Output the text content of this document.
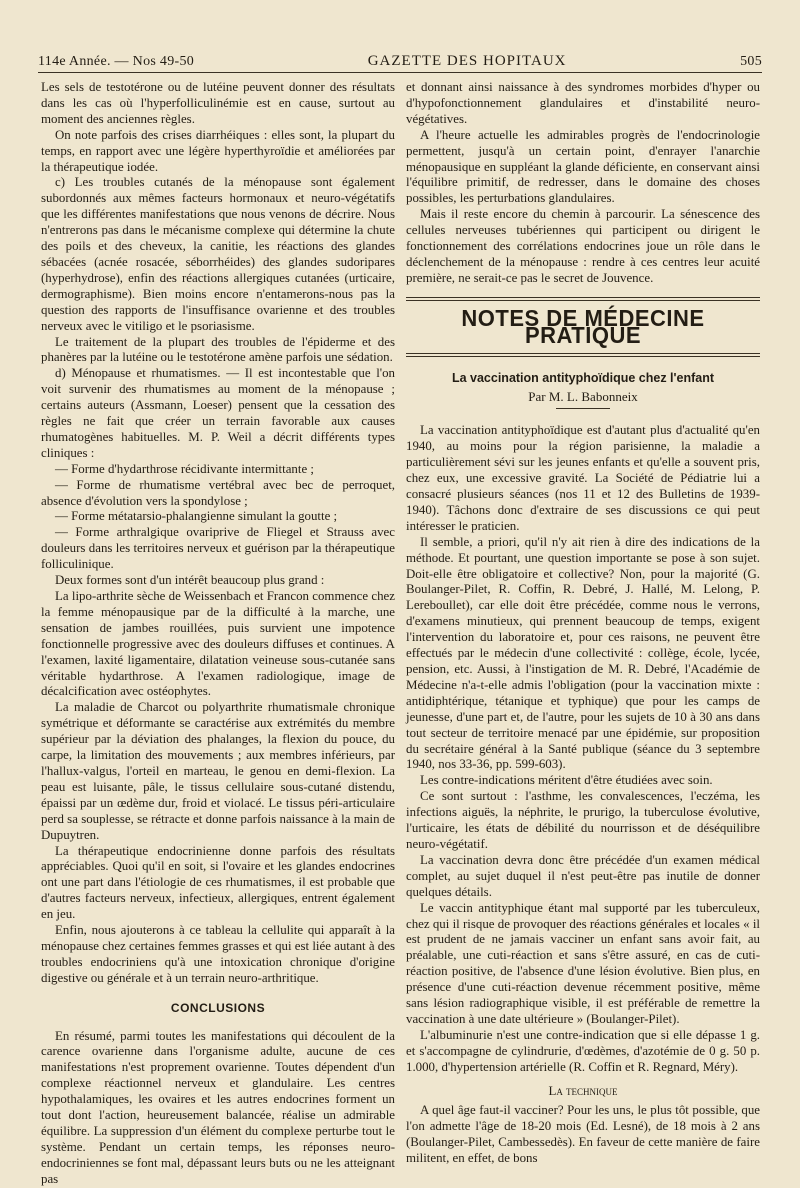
114e Année. — Nos 49-50	GAZETTE DES HOPITAUX	505

Les sels de testotérone ou de lutéine peuvent donner des résultats dans les cas où l'hyperfolliculinémie est en cause, surtout au moment des anciennes règles.

On note parfois des crises diarrhéiques : elles sont, la plupart du temps, en rapport avec une légère hyperthyroïdie et améliorées par la thérapeutique iodée.

c) Les troubles cutanés de la ménopause sont également subordonnés aux mêmes facteurs hormonaux et neuro-végétatifs que les différentes manifestations que nous venons de décrire. Nous n'entrerons pas dans le mécanisme complexe qui détermine la chute des poils et des cheveux, la canitie, les réactions des glandes sébacées (acnée rosacée, séborrhéides) des glandes sudoripares (hyperhydrose), enfin des réactions allergiques cutanées (urticaire, dermographisme). Bien moins encore n'entamerons-nous pas la question des rapports de l'insuffisance ovarienne et des troubles nerveux avec le vitiligo et le psoriasisme.

Le traitement de la plupart des troubles de l'épiderme et des phanères par la lutéine ou le testotérone amène parfois une sédation.

d) Ménopause et rhumatismes. — Il est incontestable que l'on voit survenir des rhumatismes au moment de la ménopause ; certains auteurs (Assmann, Loeser) pensent que la cessation des règles ne fait que créer un terrain favorable aux causes rhumatogènes habituelles. M. P. Weil a décrit différents types cliniques :

— Forme d'hydarthrose récidivante intermittante ;

— Forme de rhumatisme vertébral avec bec de perroquet, absence d'évolution vers la spondylose ;

— Forme métatarsio-phalangienne simulant la goutte ;

— Forme arthralgique ovariprive de Fliegel et Strauss avec douleurs dans les territoires nerveux et guérison par la thérapeutique folliculinique.

Deux formes sont d'un intérêt beaucoup plus grand :

La lipo-arthrite sèche de Weissenbach et Francon commence chez la femme ménopausique par de la difficulté à la marche, une sensation de jambes rouillées, puis survient une impotence fonctionnelle progressive avec des douleurs diffuses et continues. A l'examen, laxité ligamentaire, dilatation veineuse sous-cutanée sans véritable hydarthrose. A l'examen radiologique, image de décalcification avec ostéophytes.

La maladie de Charcot ou polyarthrite rhumatismale chronique symétrique et déformante se caractérise aux extrémités du membre supérieur par la déviation des phalanges, la flexion du pouce, du carpe, la limitation des mouvements ; aux membres inférieurs, par l'hallux-valgus, l'orteil en marteau, le genou en demi-flexion. La peau est luisante, pâle, le tissus cellulaire sous-cutané distendu, épaissi par un œdème dur, froid et violacé. Le tissus péri-articulaire perd sa souplesse, se rétracte et donne parfois naissance à la main de Dupuytren.

La thérapeutique endocrinienne donne parfois des résultats appréciables. Quoi qu'il en soit, si l'ovaire et les glandes endocrines ont une part dans l'étiologie de ces rhumatismes, il est probable que d'autres facteurs nerveux, infectieux, allergiques, entrent également en jeu.

Enfin, nous ajouterons à ce tableau la cellulite qui apparaît à la ménopause chez certaines femmes grasses et qui est liée autant à des troubles endocriniens qu'à une intoxication chronique d'origine digestive ou générale et à un terrain neuro-arthritique.

CONCLUSIONS

En résumé, parmi toutes les manifestations qui découlent de la carence ovarienne dans l'organisme adulte, aucune de ces manifestations n'est proprement ovarienne. Toutes dépendent d'un complexe réactionnel nerveux et glandulaire. Les centres hypothalamiques, les ovaires et les autres endocrines forment un tout dont l'action, heureusement balancée, réalise un admirable équilibre. La suppression d'un élément du complexe perturbe tout le système. Pendant un certain temps, les réponses neuro-endocriniennes se font mal, dépassant leurs buts ou ne les atteignant pas

et donnant ainsi naissance à des syndromes morbides d'hyper ou d'hypofonctionnement glandulaires et d'instabilité neuro-végétatives.

A l'heure actuelle les admirables progrès de l'endocrinologie permettent, jusqu'à un certain point, d'enrayer l'anarchie ménopausique en suppléant la glande déficiente, en conservant ainsi l'équilibre primitif, de redresser, dans le domaine des choses possibles, les perturbations glandulaires.

Mais il reste encore du chemin à parcourir. La sénescence des cellules nerveuses tubériennes qui participent ou dirigent le fonctionnement des corrélations endocrines joue un rôle dans le déclenchement de la ménopause : rendre à ces centres leur acuité première, ne serait-ce pas le secret de Jouvence.

NOTES DE MÉDECINE PRATIQUE
La vaccination antityphoïdique chez l'enfant
Par M. L. Babonneix

La vaccination antityphoïdique est d'autant plus d'actualité qu'en 1940, au moins pour la région parisienne, la maladie a particulièrement sévi sur les jeunes enfants et qu'elle a souvent pris, chez eux, une excessive gravité. La Société de Pédiatrie lui a consacré plusieurs séances (nos 11 et 12 des Bulletins de 1939-1940). Tâchons donc d'extraire de ses discussions ce qui peut intéresser le praticien.

Il semble, a priori, qu'il n'y ait rien à dire des indications de la méthode. Et pourtant, une question importante se pose à son sujet. Doit-elle être obligatoire et collective? Non, pour la majorité (G. Boulanger-Pilet, R. Coffin, R. Debré, J. Hallé, M. Lelong, P. Lereboullet), car elle doit être précédée, comme nous le verrons, d'examens minutieux, qui prennent beaucoup de temps, exigent l'intervention du laboratoire et, pour ces raisons, ne peuvent être effectués par le médecin d'une collectivité : collège, école, lycée, pension, etc. Aussi, à l'instigation de M. R. Debré, l'Académie de Médecine n'a-t-elle admis l'obligation (pour la vaccination mixte : antidiphtérique, tétanique et typhique) que pour les camps de jeunesse, d'une part et, de l'autre, pour les sujets de 10 à 30 ans dans tout secteur de territoire menacé par une épidémie, sur proposition du secrétaire général à la Santé publique (séance du 3 septembre 1940, nos 33-36, pp. 599-603).

Les contre-indications méritent d'être étudiées avec soin.

Ce sont surtout : l'asthme, les convalescences, l'eczéma, les infections aiguës, la néphrite, le prurigo, la tuberculose évolutive, l'urticaire, les états de débilité du nourrisson et de déséquilibre neuro-végétatif.

La vaccination devra donc être précédée d'un examen médical complet, au sujet duquel il n'est peut-être pas inutile de donner quelques détails.

Le vaccin antityphique étant mal supporté par les tuberculeux, chez qui il risque de provoquer des réactions générales et locales « il est prudent de ne jamais vacciner un enfant sans avoir fait, au préalable, une cuti-réaction et sans s'être assuré, en cas de cuti-réaction positive, de l'absence d'une lésion évolutive. Bien plus, en présence d'une cuti-réaction devenue récemment positive, même sans lésion radiographique visible, il est préférable de remettre la vaccination à une date ultérieure » (Boulanger-Pilet).

L'albuminurie n'est une contre-indication que si elle dépasse 1 g. et s'accompagne de cylindrurie, d'œdèmes, d'azotémie de 0 g. 50 p. 1.000, d'hypertension artérielle (R. Coffin et R. Regnard, Méry).

La technique

A quel âge faut-il vacciner? Pour les uns, le plus tôt possible, que l'on admette l'âge de 18-20 mois (Ed. Lesné), de 18 mois à 2 ans (Boulanger-Pilet, Cambessedès). En faveur de cette manière de faire militent, en effet, de bons
